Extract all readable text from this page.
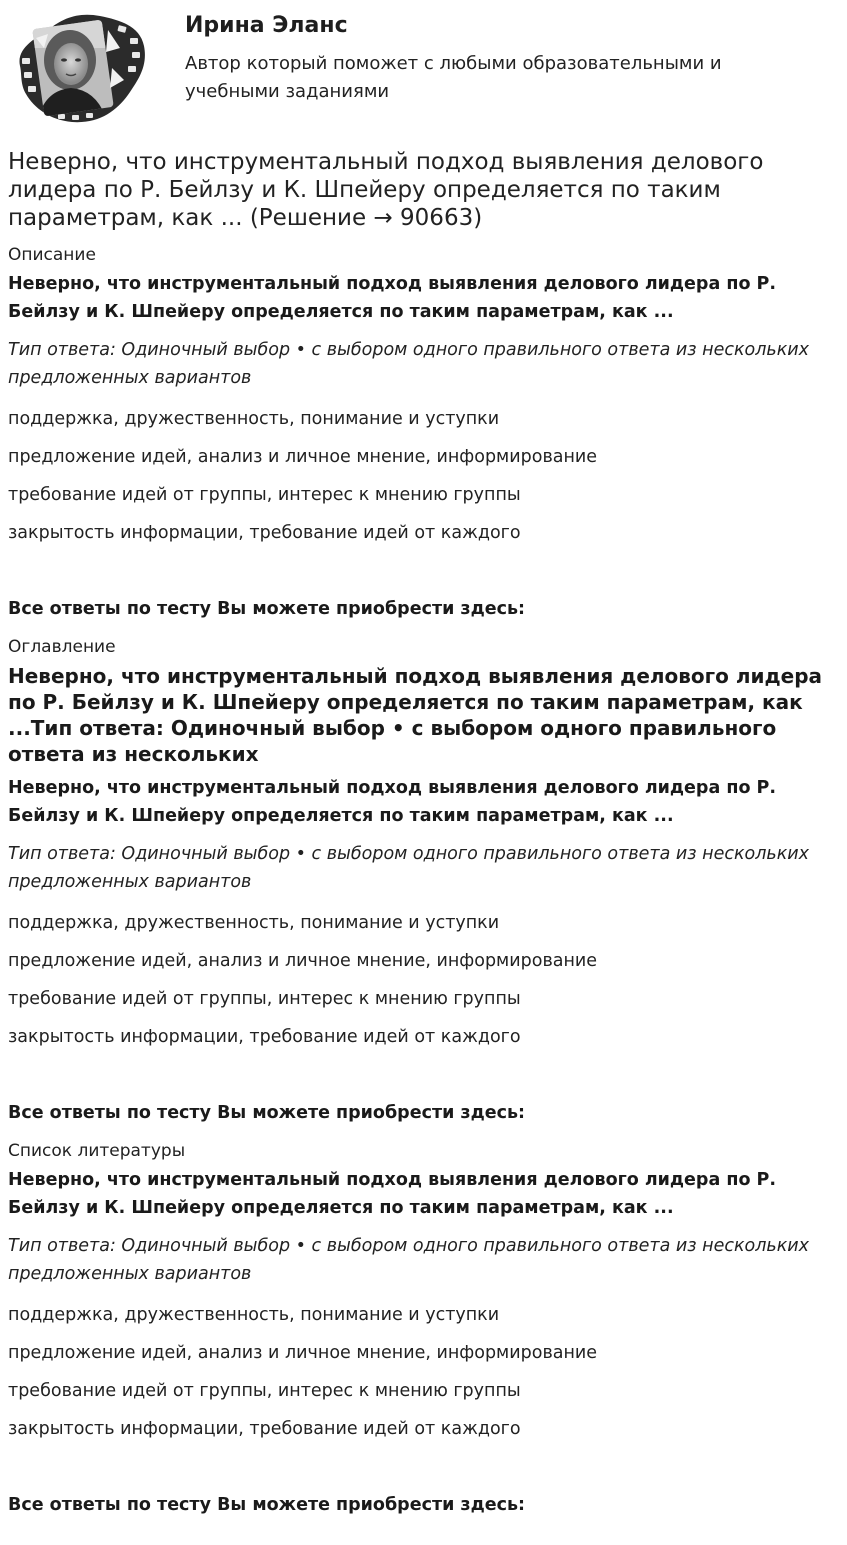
Ирина Эланс
Автор который поможет с любыми образовательными и учебными заданиями
Неверно, что инструментальный подход выявления делового лидера по Р. Бейлзу и К. Шпейеру определяется по таким параметрам, как ... (Решение → 90663)

Описание

Неверно, что инструментальный подход выявления делового лидера по Р. Бейлзу и К. Шпейеру определяется по таким параметрам, как ...

Тип ответа: Одиночный выбор • с выбором одного правильного ответа из нескольких предложенных вариантов

поддержка, дружественность, понимание и уступки

предложение идей, анализ и личное мнение, информирование

требование идей от группы, интерес к мнению группы

закрытость информации, требование идей от каждого

Все ответы по тесту Вы можете приобрести здесь:

Оглавление

Неверно, что инструментальный подход выявления делового лидера по Р. Бейлзу и К. Шпейеру определяется по таким параметрам, как ...Тип ответа: Одиночный выбор • с выбором одного правильного ответа из нескольких

Неверно, что инструментальный подход выявления делового лидера по Р. Бейлзу и К. Шпейеру определяется по таким параметрам, как ...

Тип ответа: Одиночный выбор • с выбором одного правильного ответа из нескольких предложенных вариантов

поддержка, дружественность, понимание и уступки

предложение идей, анализ и личное мнение, информирование

требование идей от группы, интерес к мнению группы

закрытость информации, требование идей от каждого

Все ответы по тесту Вы можете приобрести здесь:

Список литературы

Неверно, что инструментальный подход выявления делового лидера по Р. Бейлзу и К. Шпейеру определяется по таким параметрам, как ...

Тип ответа: Одиночный выбор • с выбором одного правильного ответа из нескольких предложенных вариантов

поддержка, дружественность, понимание и уступки

предложение идей, анализ и личное мнение, информирование

требование идей от группы, интерес к мнению группы

закрытость информации, требование идей от каждого

Все ответы по тесту Вы можете приобрести здесь:
